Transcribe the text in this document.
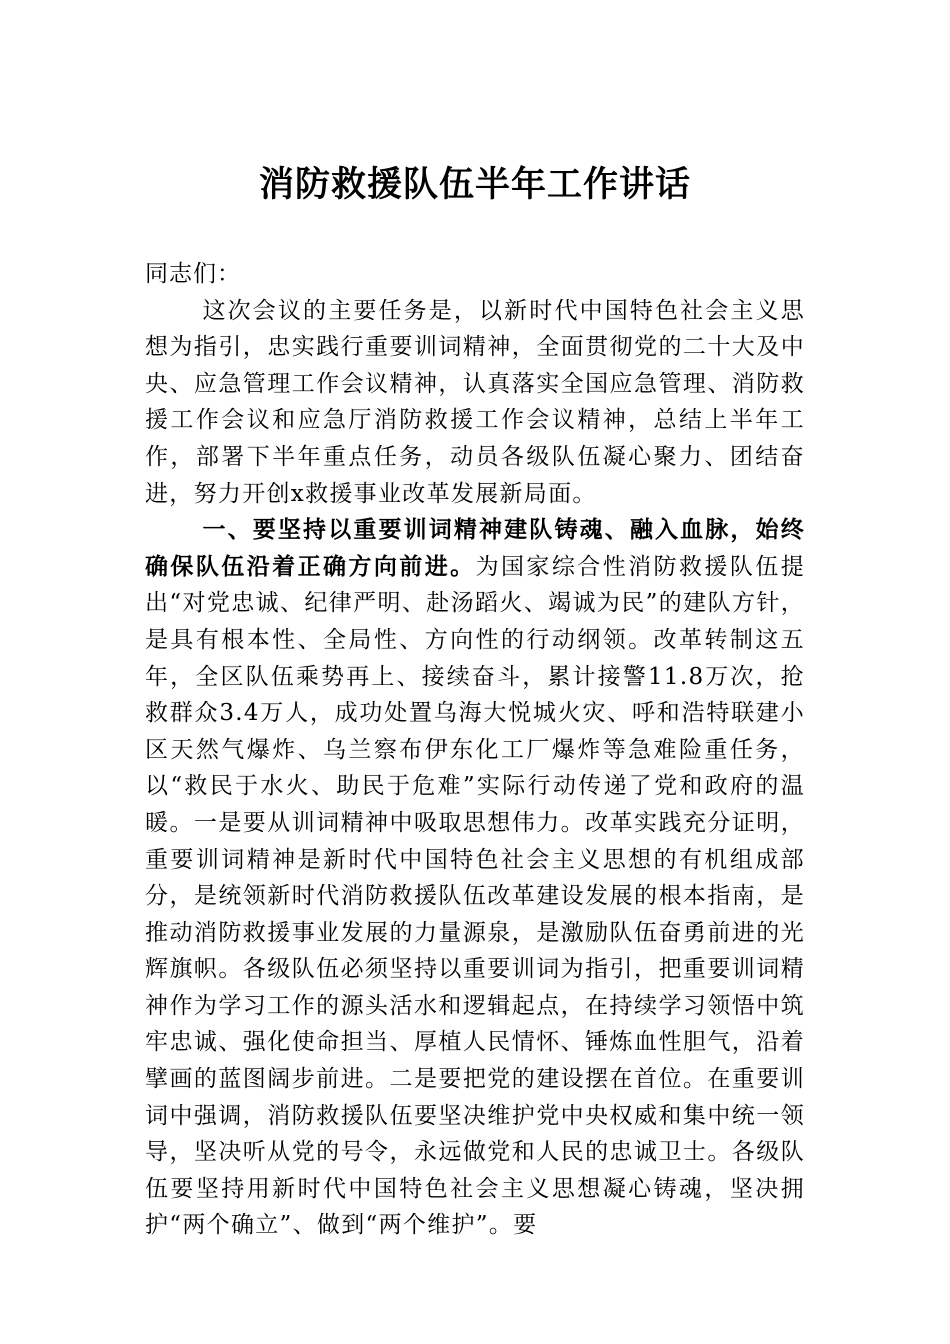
消防救援队伍半年工作讲话

同志们：

这次会议的主要任务是，以新时代中国特色社会主义思想为指引，忠实践行重要训词精神，全面贯彻党的二十大及中央、应急管理工作会议精神，认真落实全国应急管理、消防救援工作会议和应急厅消防救援工作会议精神，总结上半年工作，部署下半年重点任务，动员各级队伍凝心聚力、团结奋进，努力开创x救援事业改革发展新局面。

一、要坚持以重要训词精神建队铸魂、融入血脉，始终确保队伍沿着正确方向前进。为国家综合性消防救援队伍提出“对党忠诚、纪律严明、赴汤蹈火、竭诚为民”的建队方针，是具有根本性、全局性、方向性的行动纲领。改革转制这五年，全区队伍乘势再上、接续奋斗，累计接警11.8万次，抢救群众3.4万人，成功处置乌海大悦城火灾、呼和浩特联建小区天然气爆炸、乌兰察布伊东化工厂爆炸等急难险重任务，以“救民于水火、助民于危难”实际行动传递了党和政府的温暖。一是要从训词精神中吸取思想伟力。改革实践充分证明，重要训词精神是新时代中国特色社会主义思想的有机组成部分，是统领新时代消防救援队伍改革建设发展的根本指南，是推动消防救援事业发展的力量源泉，是激励队伍奋勇前进的光辉旗帜。各级队伍必须坚持以重要训词为指引，把重要训词精神作为学习工作的源头活水和逻辑起点，在持续学习领悟中筑牢忠诚、强化使命担当、厚植人民情怀、锤炼血性胆气，沿着擘画的蓝图阔步前进。二是要把党的建设摆在首位。在重要训词中强调，消防救援队伍要坚决维护党中央权威和集中统一领导，坚决听从党的号令，永远做党和人民的忠诚卫士。各级队伍要坚持用新时代中国特色社会主义思想凝心铸魂，坚决拥护“两个确立”、做到“两个维护”。要
